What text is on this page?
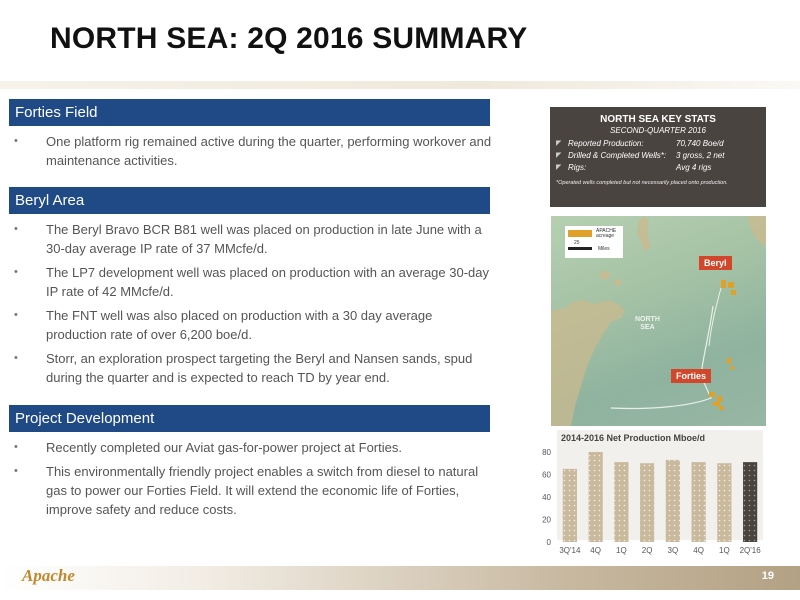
NORTH SEA: 2Q 2016 SUMMARY
Forties Field
• One platform rig remained active during the quarter, performing workover and maintenance activities.
Beryl Area
• The Beryl Bravo BCR B81 well was placed on production in late June with a 30-day average IP rate of 37 MMcfe/d.
• The LP7 development well was placed on production with an average 30-day IP rate of 42 MMcfe/d.
• The FNT well was also placed on production with a 30 day average production rate of over 6,200 boe/d.
• Storr, an exploration prospect targeting the Beryl and Nansen sands, spud during the quarter and is expected to reach TD by year end.
Project Development
• Recently completed our Aviat gas-for-power project at Forties.
• This environmentally friendly project enables a switch from diesel to natural gas to power our Forties Field. It will extend the economic life of Forties, improve safety and reduce costs.
NORTH SEA KEY STATS
SECOND-QUARTER 2016
◤ Reported Production:	70,740 Boe/d
◤ Drilled & Completed Wells*: 3 gross, 2 net
◤ Rigs:	Avg 4 rigs
*Operated wells completed but not necessarily placed onto production.
APACHE acreage
25
Miles
Beryl
Forties
NORTH
SEA
2014-2016 Net Production Mboe/d
0
20
40
60
80
3Q'14 4Q 1Q 2Q 3Q 4Q 1Q 2Q'16
Apache	19
